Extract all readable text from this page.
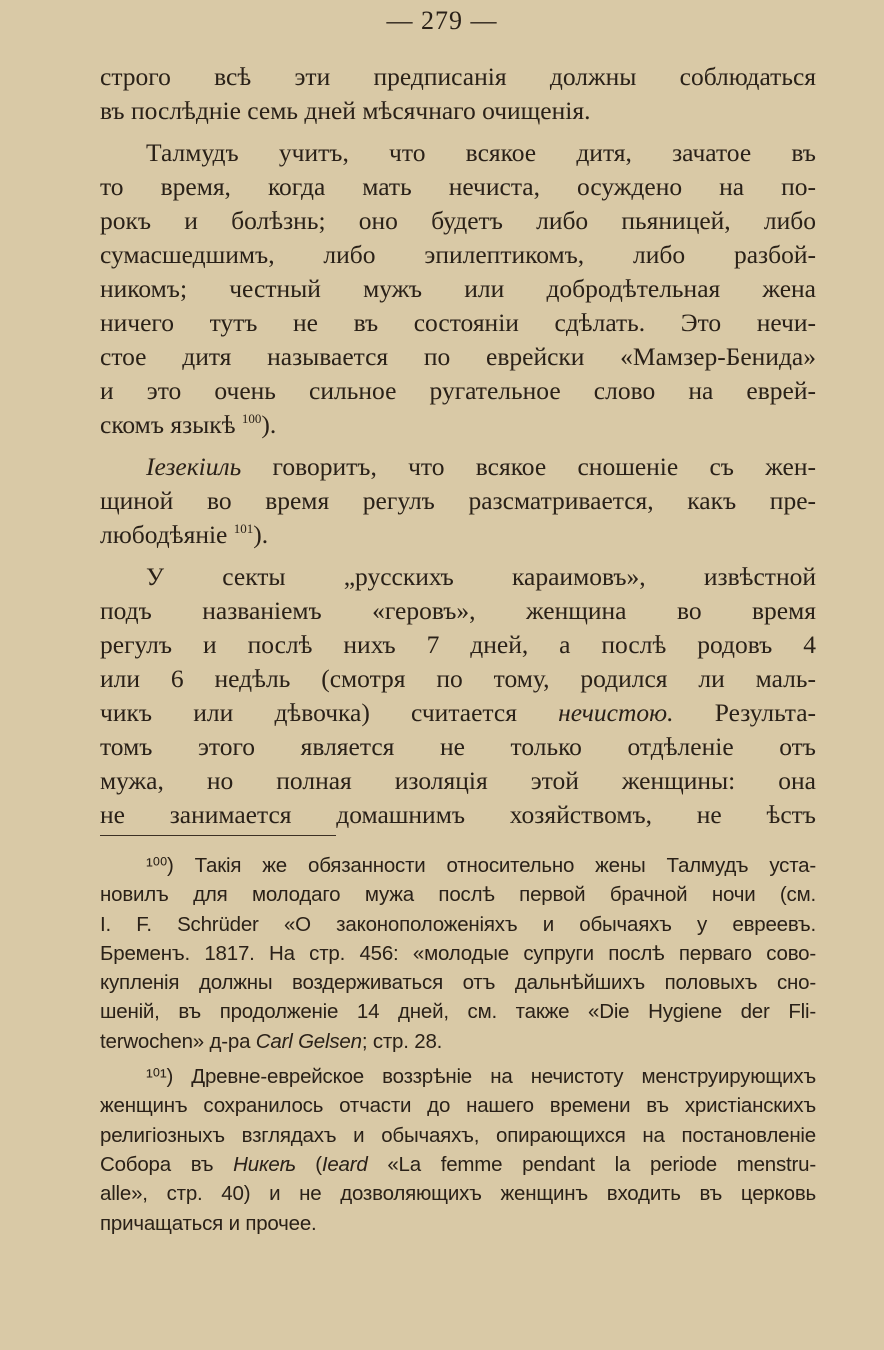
— 279 —
строго всѣ эти предписанія должны соблюдаться
въ послѣдніе семь дней мѣсячнаго очищенія.
Талмудъ учитъ, что всякое дитя, зачатое въ
то время, когда мать нечиста, осуждено на по-
рокъ и болѣзнь; оно будетъ либо пьяницей, либо
сумасшедшимъ, либо эпилептикомъ, либо разбой-
никомъ; честный мужъ или добродѣтельная жена
ничего тутъ не въ состояніи сдѣлать. Это нечи-
стое дитя называется по еврейски «Мамзер-Бенида»
и это очень сильное ругательное слово на еврей-
скомъ языкѣ $^{100}$).
Iезекiиль говоритъ, что всякое сношеніе съ жен-
щиной во время регулъ разсматривается, какъ пре-
любодѣяніе $^{101}$).
У секты „русскихъ караимовъ», извѣстной
подъ названіемъ «геровъ», женщина во время
регулъ и послѣ нихъ 7 дней, а послѣ родовъ 4
или 6 недѣль (смотря по тому, родился ли маль-
чикъ или дѣвочка) считается нечистою. Результа-
томъ этого является не только отдѣленіе отъ
мужа, но полная изоляція этой женщины: она
не занимается домашнимъ хозяйствомъ, не ѣстъ
¹⁰⁰) Такія же обязанности относительно жены Талмудъ уста-
новилъ для молодаго мужа послѣ первой брачной ночи (см.
I. F. Schrüder «О законоположеніяхъ и обычаяхъ у евреевъ.
Бременъ. 1817. На стр. 456: «молодые супруги послѣ перваго сово-
купленія должны воздерживаться отъ дальнѣйшихъ половыхъ сно-
шеній, въ продолженіе 14 дней, см. также «Die Hygiene der Fli-
terwochen» д-ра Carl Gelsen; стр. 28.
¹⁰¹) Древне-еврейское воззрѣніе на нечистоту менструирующихъ
женщинъ сохранилось отчасти до нашего времени въ христіанскихъ
религіозныхъ взглядахъ и обычаяхъ, опирающихся на постановленіе
Собора въ Никеѣ (Ieard «La femme pendant la periode menstru-
alle», стр. 40) и не дозволяющихъ женщинъ входить въ церковь
причащаться и прочее.
